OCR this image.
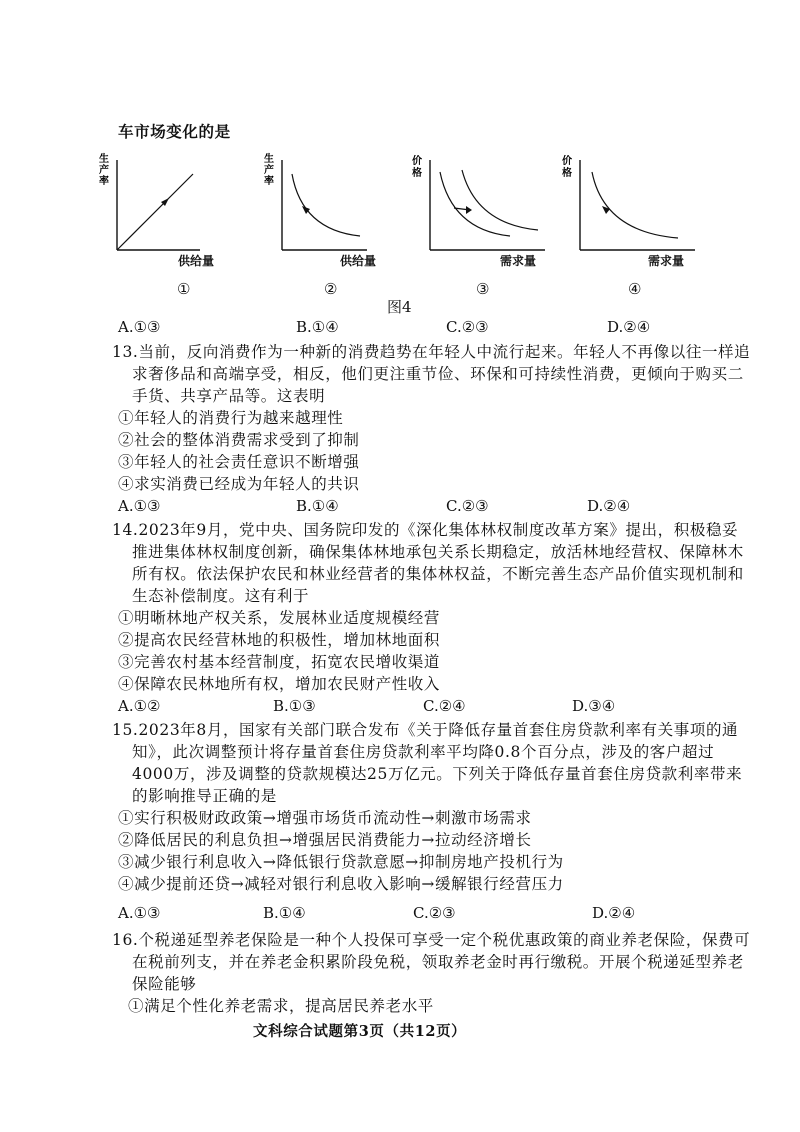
车市场变化的是
生
产
率
供给量
①
生
产
率
供给量
②
价
格
需求量
③
价
格
需求量
④
图4
A.①③	B.①④	C.②③	D.②④
13.当前，反向消费作为一种新的消费趋势在年轻人中流行起来。年轻人不再像以往一样追
求奢侈品和高端享受，相反，他们更注重节俭、环保和可持续性消费，更倾向于购买二
手货、共享产品等。这表明
①年轻人的消费行为越来越理性
②社会的整体消费需求受到了抑制
③年轻人的社会责任意识不断增强
④求实消费已经成为年轻人的共识
A.①③	B.①④	C.②③	D.②④
14.2023年9月，党中央、国务院印发的《深化集体林权制度改革方案》提出，积极稳妥
推进集体林权制度创新，确保集体林地承包关系长期稳定，放活林地经营权、保障林木
所有权。依法保护农民和林业经营者的集体林权益，不断完善生态产品价值实现机制和
生态补偿制度。这有利于
①明晰林地产权关系，发展林业适度规模经营
②提高农民经营林地的积极性，增加林地面积
③完善农村基本经营制度，拓宽农民增收渠道
④保障农民林地所有权，增加农民财产性收入
A.①②	B.①③	C.②④	D.③④
15.2023年8月，国家有关部门联合发布《关于降低存量首套住房贷款利率有关事项的通
知》，此次调整预计将存量首套住房贷款利率平均降0.8个百分点，涉及的客户超过
4000万，涉及调整的贷款规模达25万亿元。下列关于降低存量首套住房贷款利率带来
的影响推导正确的是
①实行积极财政政策→增强市场货币流动性→刺激市场需求
②降低居民的利息负担→增强居民消费能力→拉动经济增长
③减少银行利息收入→降低银行贷款意愿→抑制房地产投机行为
④减少提前还贷→减轻对银行利息收入影响→缓解银行经营压力
A.①③	B.①④	C.②③	D.②④
16.个税递延型养老保险是一种个人投保可享受一定个税优惠政策的商业养老保险，保费可
在税前列支，并在养老金积累阶段免税，领取养老金时再行缴税。开展个税递延型养老
保险能够
①满足个性化养老需求，提高居民养老水平
文科综合试题第3页（共12页）
